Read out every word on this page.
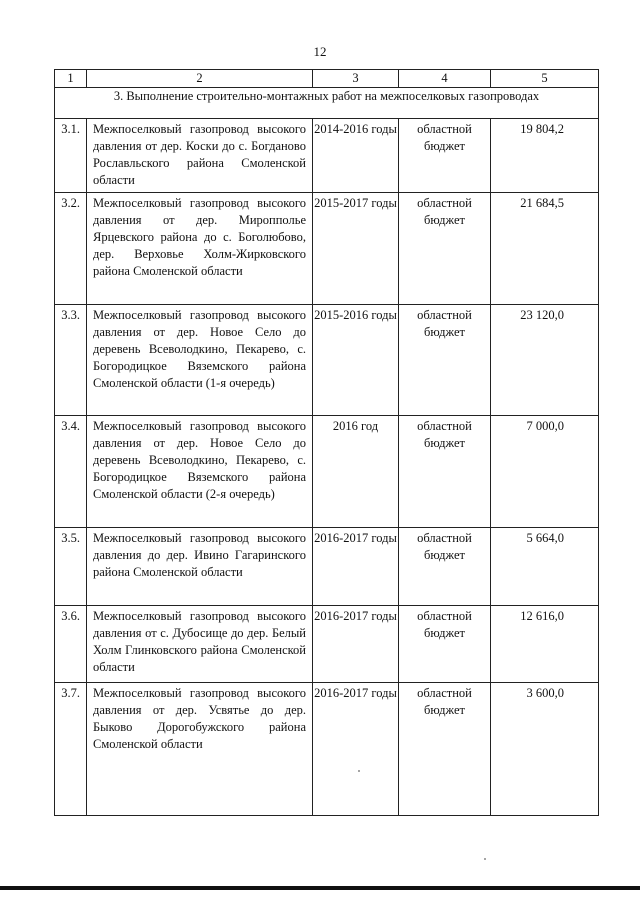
12
1	2	3	4	5
3. Выполнение строительно-монтажных работ на межпоселковых газопроводах				
3.1.	Межпоселковый газопровод высокого давления от дер. Коски до с. Богданово Рославльского района Смоленской области	2014-2016 годы	областной бюджет	19 804,2
3.2.	Межпоселковый газопровод высокого давления от дер. Миропполье Ярцевского района до с. Боголюбово, дер. Верховье Холм-Жирковского района Смоленской области	2015-2017 годы	областной бюджет	21 684,5
3.3.	Межпоселковый газопровод высокого давления от дер. Новое Село до деревень Всеволодкино, Пекарево, с. Богородицкое Вяземского района Смоленской области (1-я очередь)	2015-2016 годы	областной бюджет	23 120,0
3.4.	Межпоселковый газопровод высокого давления от дер. Новое Село до деревень Всеволодкино, Пекарево, с. Богородицкое Вяземского района Смоленской области (2-я очередь)	2016 год	областной бюджет	7 000,0
3.5.	Межпоселковый газопровод высокого давления до дер. Ивино Гагаринского района Смоленской области	2016-2017 годы	областной бюджет	5 664,0
3.6.	Межпоселковый газопровод высокого давления от с. Дубосище до дер. Белый Холм Глинковского района Смоленской области	2016-2017 годы	областной бюджет	12 616,0
3.7.	Межпоселковый газопровод высокого давления от дер. Усвятье до дер. Быково Дорогобужского района Смоленской области	2016-2017 годы	областной бюджет	3 600,0
